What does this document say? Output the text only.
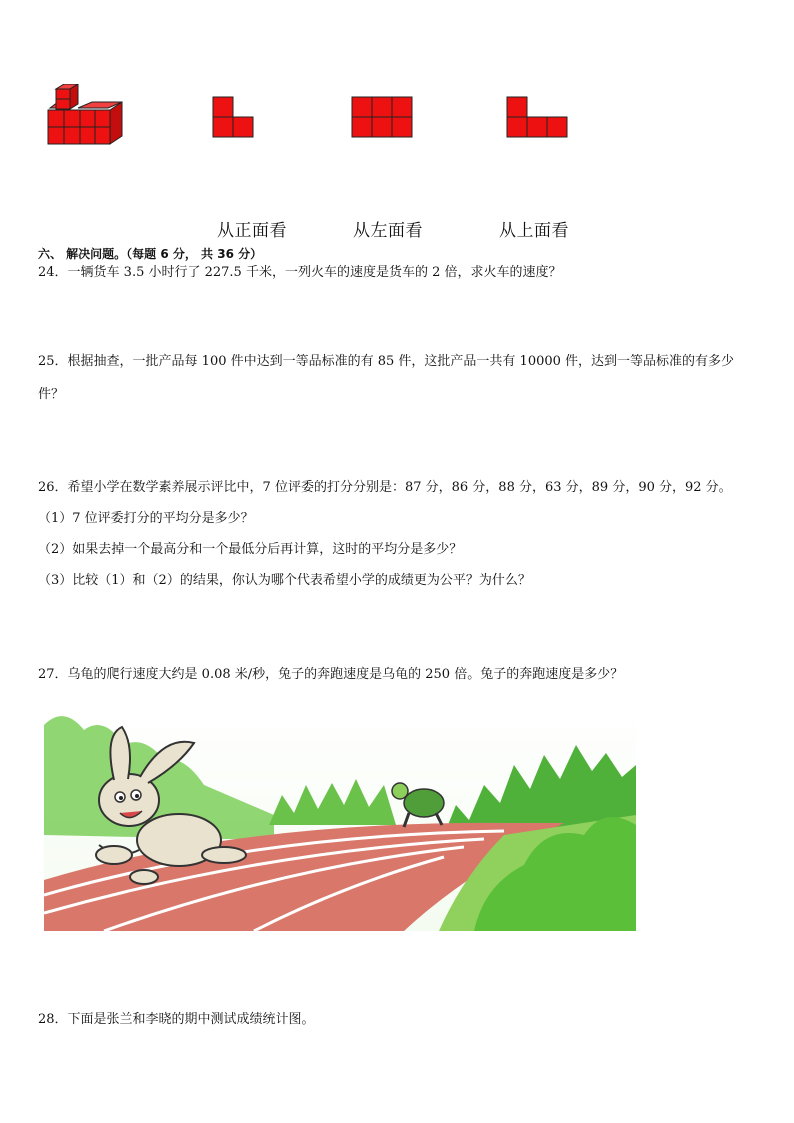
从正面看	从左面看	从上面看
六、 解决问题。（每题 6 分， 共 36 分）
24．一辆货车 3.5 小时行了 227.5 千米，一列火车的速度是货车的 2 倍，求火车的速度？
25．根据抽查，一批产品每 100 件中达到一等品标准的有 85 件，这批产品一共有 10000 件，达到一等品标准的有多少
件？
26．希望小学在数学素养展示评比中，7 位评委的打分分别是：87 分，86 分，88 分，63 分，89 分，90 分，92 分。
（1）7 位评委打分的平均分是多少？
（2）如果去掉一个最高分和一个最低分后再计算，这时的平均分是多少？
（3）比较（1）和（2）的结果，你认为哪个代表希望小学的成绩更为公平？为什么？
27．乌龟的爬行速度大约是 0.08 米/秒，兔子的奔跑速度是乌龟的 250 倍。兔子的奔跑速度是多少？
28．下面是张兰和李晓的期中测试成绩统计图。
